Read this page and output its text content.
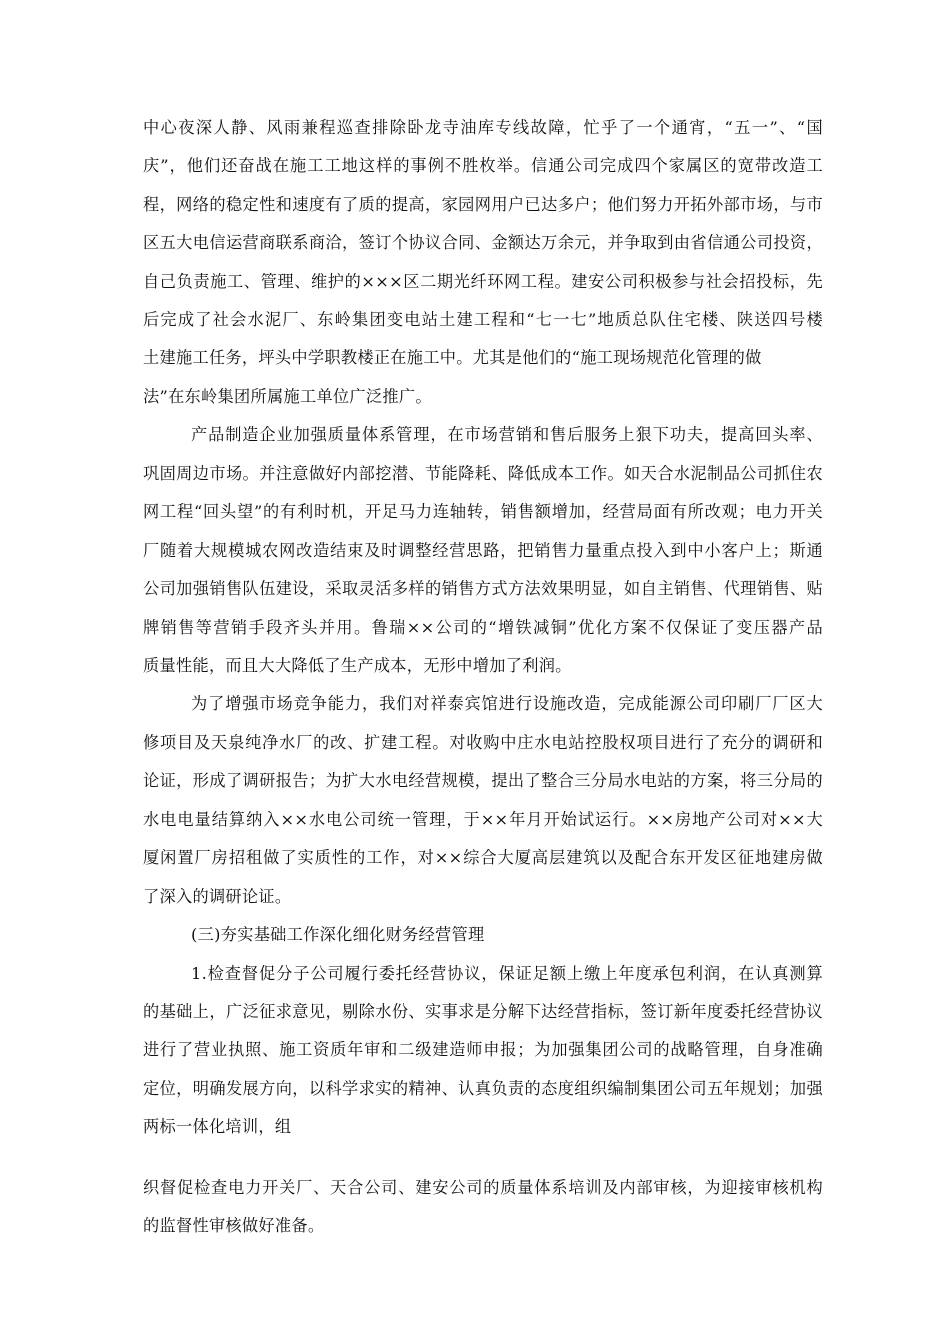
中心夜深人静、风雨兼程巡查排除卧龙寺油库专线故障，忙乎了一个通宵，“五一”、“国
庆”，他们还奋战在施工工地这样的事例不胜枚举。信通公司完成四个家属区的宽带改造工
程，网络的稳定性和速度有了质的提高，家园网用户已达多户；他们努力开拓外部市场，与市
区五大电信运营商联系商洽，签订个协议合同、金额达万余元，并争取到由省信通公司投资，
自己负责施工、管理、维护的×××区二期光纤环网工程。建安公司积极参与社会招投标，先
后完成了社会水泥厂、东岭集团变电站土建工程和“七一七”地质总队住宅楼、陕送四号楼
土建施工任务，坪头中学职教楼正在施工中。尤其是他们的“施工现场规范化管理的做
法”在东岭集团所属施工单位广泛推广。
产品制造企业加强质量体系管理，在市场营销和售后服务上狠下功夫，提高回头率、
巩固周边市场。并注意做好内部挖潜、节能降耗、降低成本工作。如天合水泥制品公司抓住农
网工程“回头望”的有利时机，开足马力连轴转，销售额增加，经营局面有所改观；电力开关
厂随着大规模城农网改造结束及时调整经营思路，把销售力量重点投入到中小客户上；斯通
公司加强销售队伍建设，采取灵活多样的销售方式方法效果明显，如自主销售、代理销售、贴
牌销售等营销手段齐头并用。鲁瑞××公司的“增铁减铜”优化方案不仅保证了变压器产品
质量性能，而且大大降低了生产成本，无形中增加了利润。
为了增强市场竞争能力，我们对祥泰宾馆进行设施改造，完成能源公司印刷厂厂区大
修项目及天泉纯净水厂的改、扩建工程。对收购中庄水电站控股权项目进行了充分的调研和
论证，形成了调研报告；为扩大水电经营规模，提出了整合三分局水电站的方案，将三分局的
水电电量结算纳入××水电公司统一管理，于××年月开始试运行。××房地产公司对××大
厦闲置厂房招租做了实质性的工作，对××综合大厦高层建筑以及配合东开发区征地建房做
了深入的调研论证。
(三)夯实基础工作深化细化财务经营管理
1.检查督促分子公司履行委托经营协议，保证足额上缴上年度承包利润，在认真测算
的基础上，广泛征求意见，剔除水份、实事求是分解下达经营指标，签订新年度委托经营协议
进行了营业执照、施工资质年审和二级建造师申报；为加强集团公司的战略管理，自身准确
定位，明确发展方向，以科学求实的精神、认真负责的态度组织编制集团公司五年规划；加强
两标一体化培训，组
织督促检查电力开关厂、天合公司、建安公司的质量体系培训及内部审核，为迎接审核机构
的监督性审核做好准备。
